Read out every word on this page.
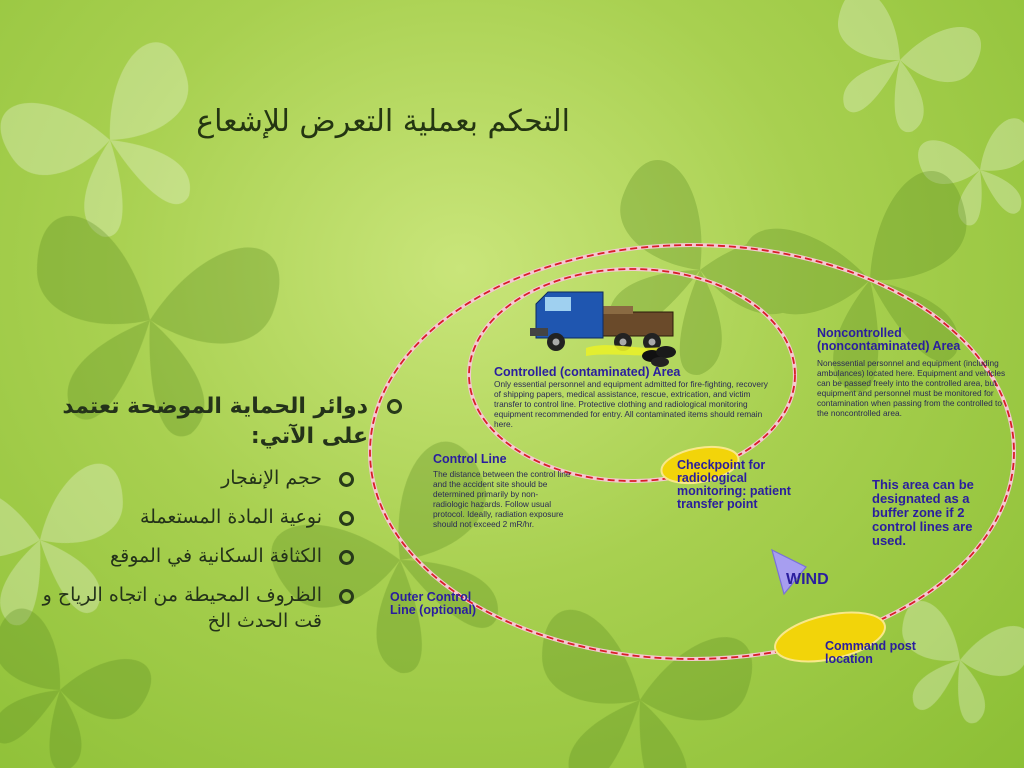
التحكم بعملية التعرض للإشعاع
دوائر الحماية الموضحة تعتمد على الآتي:
حجم الإنفجار
نوعية المادة المستعملة
الكثافة السكانية في الموقع
الظروف المحيطة من اتجاه الرياح و قت الحدث الخ
Controlled (contaminated) Area
Only essential personnel and equipment admitted for fire-fighting, recovery of shipping papers, medical assistance, rescue, extrication, and victim transfer to control line. Protective clothing and radiological monitoring equipment recommended for entry. All contaminated items should remain here.
Noncontrolled (noncontaminated) Area
Nonessential personnel and equipment (including ambulances) located here. Equipment and vehicles can be passed freely into the controlled area, but equipment and personnel must be monitored for contamination when passing from the controlled to the noncontrolled area.
Control Line
The distance between the control line and the accident site should be determined primarily by non-radiologic hazards. Follow usual protocol. Ideally, radiation exposure should not exceed 2 mR/hr.
Checkpoint for radiological monitoring: patient transfer point
This area can be designated as a buffer zone if 2 control lines are used.
WIND
Outer Control Line (optional)
Command post location
